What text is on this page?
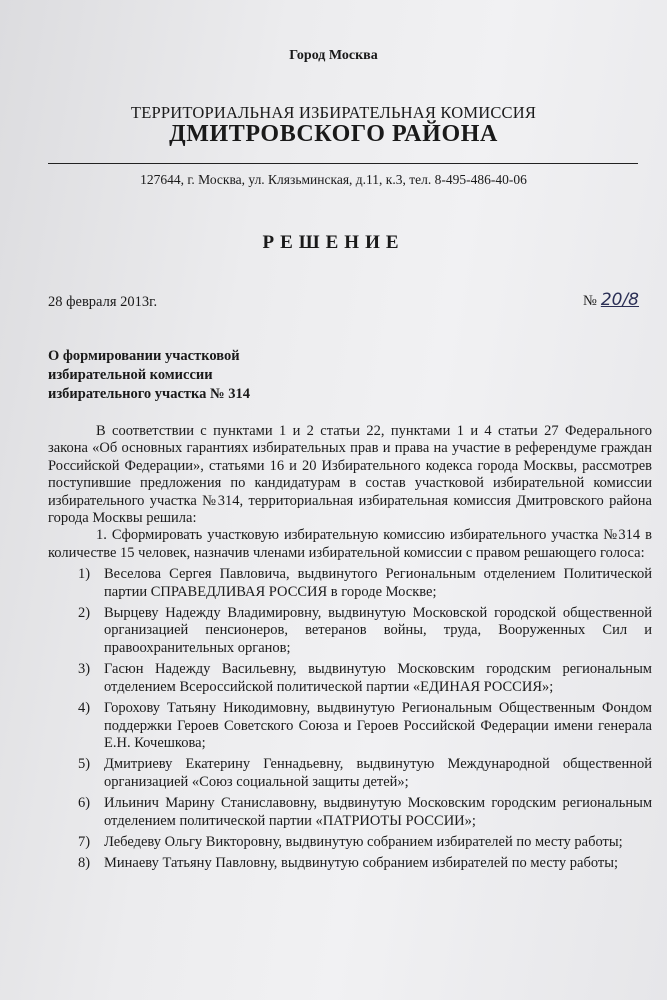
Город Москва
ТЕРРИТОРИАЛЬНАЯ ИЗБИРАТЕЛЬНАЯ КОМИССИЯ
ДМИТРОВСКОГО РАЙОНА
127644, г. Москва, ул. Клязьминская, д.11, к.3, тел. 8-495-486-40-06
РЕШЕНИЕ
28 февраля 2013г.	№ 20/8
О формировании участковой
избирательной комиссии
избирательного участка № 314

В соответствии с пунктами 1 и 2 статьи 22, пунктами 1 и 4 статьи 27 Федерального закона «Об основных гарантиях избирательных прав и права на участие в референдуме граждан Российской Федерации», статьями 16 и 20 Избирательного кодекса города Москвы, рассмотрев поступившие предложения по кандидатурам в состав участковой избирательной комиссии избирательного участка №314, территориальная избирательная комиссия Дмитровского района города Москвы решила:

1. Сформировать участковую избирательную комиссию избирательного участка №314 в количестве 15 человек, назначив членами избирательной комиссии с правом решающего голоса:

1) Веселова Сергея Павловича, выдвинутого Региональным отделением Политической партии СПРАВЕДЛИВАЯ РОССИЯ в городе Москве;
2) Вырцеву Надежду Владимировну, выдвинутую Московской городской общественной организацией пенсионеров, ветеранов войны, труда, Вооруженных Сил и правоохранительных органов;
3) Гасюн Надежду Васильевну, выдвинутую Московским городским региональным отделением Всероссийской политической партии «ЕДИНАЯ РОССИЯ»;
4) Горохову Татьяну Никодимовну, выдвинутую Региональным Общественным Фондом поддержки Героев Советского Союза и Героев Российской Федерации имени генерала Е.Н. Кочешкова;
5) Дмитриеву Екатерину Геннадьевну, выдвинутую Международной общественной организацией «Союз социальной защиты детей»;
6) Ильинич Марину Станиславовну, выдвинутую Московским городским региональным отделением политической партии «ПАТРИОТЫ РОССИИ»;
7) Лебедеву Ольгу Викторовну, выдвинутую собранием избирателей по месту работы;
8) Минаеву Татьяну Павловну, выдвинутую собранием избирателей по месту работы;
